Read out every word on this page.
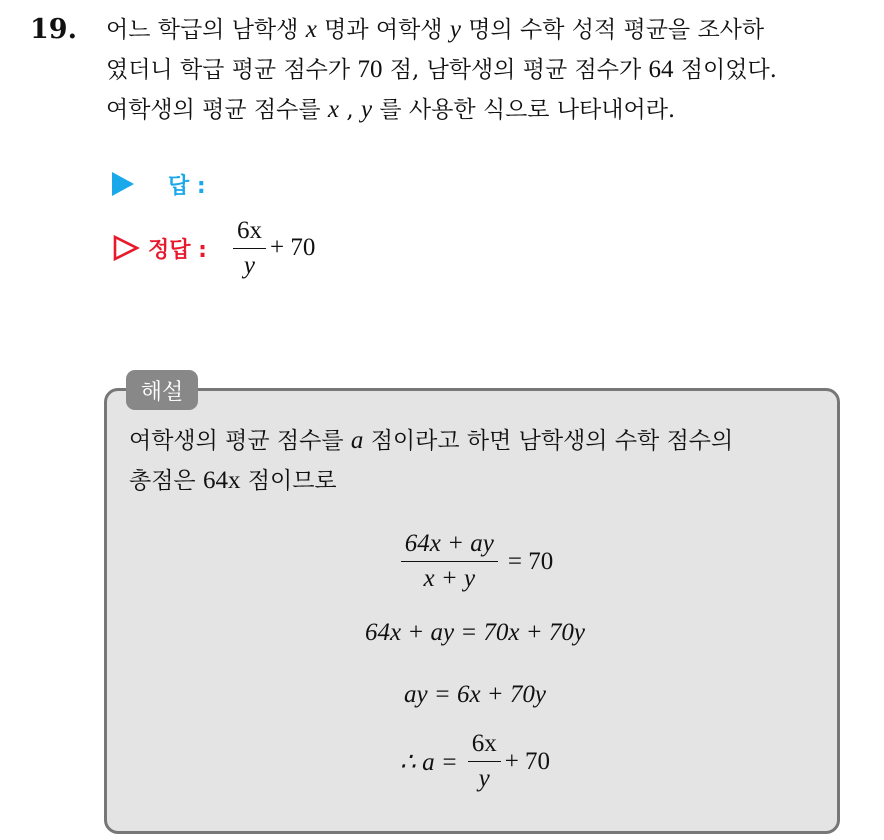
19. 어느 학급의 남학생 x 명과 여학생 y 명의 수학 성적 평균을 조사하
였더니 학급 평균 점수가 70 점, 남학생의 평균 점수가 64 점이었다.
여학생의 평균 점수를 x , y 를 사용한 식으로 나타내어라.
답 :
정답 : $\frac{6x}{y} + 70$
여학생의 평균 점수를 a 점이라고 하면 남학생의 수학 점수의
총점은 64x 점이므로
$\frac{64x + ay}{x + y} = 70$
64x + ay = 70x + 70y
ay = 6x + 70y
∴ $a = \frac{6x}{y} + 70$
해설
